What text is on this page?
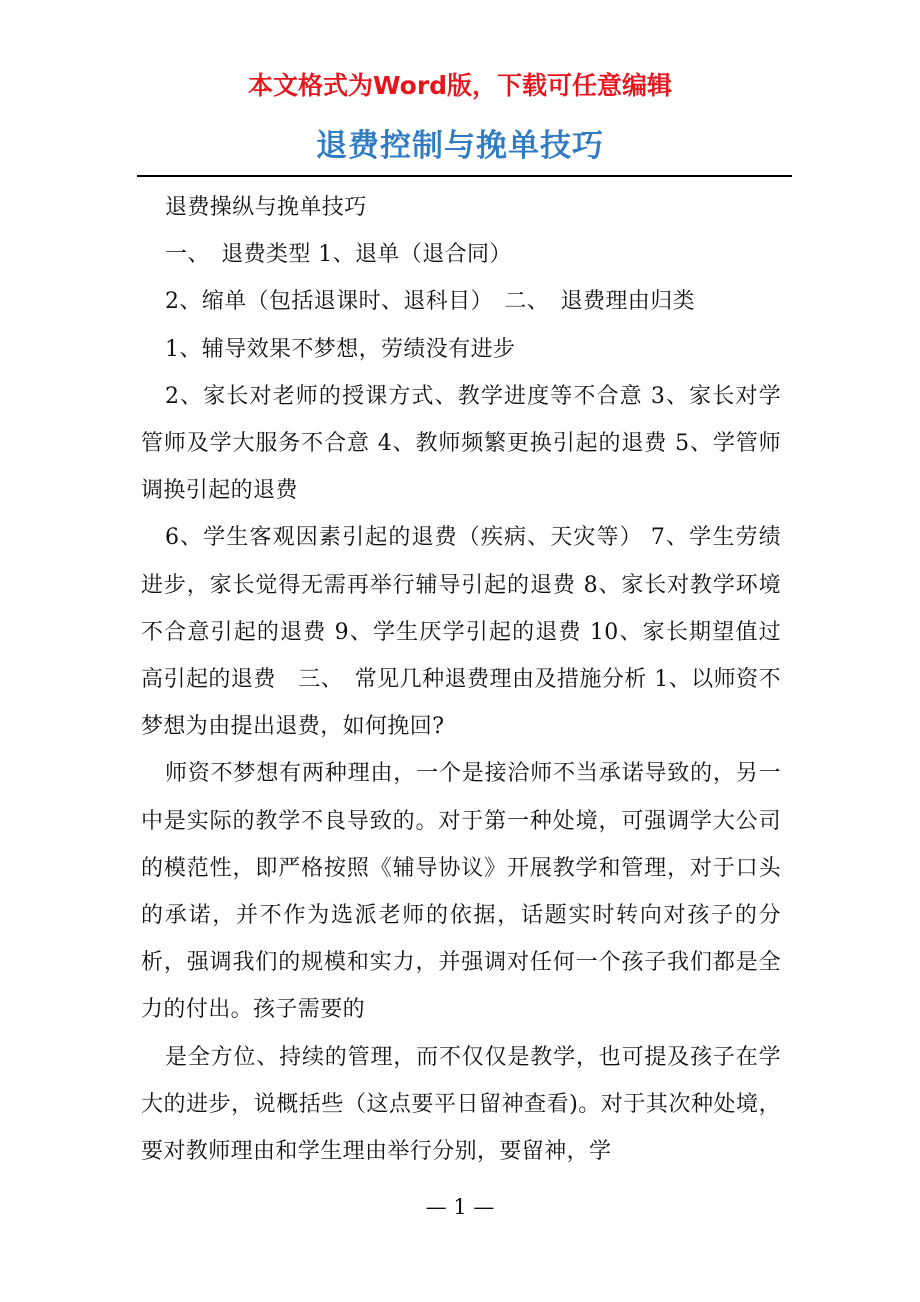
本文格式为Word版，下载可任意编辑
退费控制与挽单技巧

退费操纵与挽单技巧

一、　退费类型 1、退单（退合同）

2、缩单（包括退课时、退科目）　二、　退费理由归类

1、辅导效果不梦想，劳绩没有进步

2、家长对老师的授课方式、教学进度等不合意 3、家长对学管师及学大服务不合意 4、教师频繁更换引起的退费 5、学管师调换引起的退费

6、学生客观因素引起的退费（疾病、天灾等） 7、学生劳绩进步，家长觉得无需再举行辅导引起的退费 8、家长对教学环境不合意引起的退费 9、学生厌学引起的退费 10、家长期望值过高引起的退费　三、　常见几种退费理由及措施分析 1、以师资不梦想为由提出退费，如何挽回?

师资不梦想有两种理由，一个是接洽师不当承诺导致的，另一中是实际的教学不良导致的。对于第一种处境，可强调学大公司的模范性，即严格按照《辅导协议》开展教学和管理，对于口头的承诺，并不作为选派老师的依据，话题实时转向对孩子的分析，强调我们的规模和实力，并强调对任何一个孩子我们都是全力的付出。孩子需要的

是全方位、持续的管理，而不仅仅是教学，也可提及孩子在学大的进步，说概括些（这点要平日留神查看)。对于其次种处境，要对教师理由和学生理由举行分别，要留神，学

— 1 —
